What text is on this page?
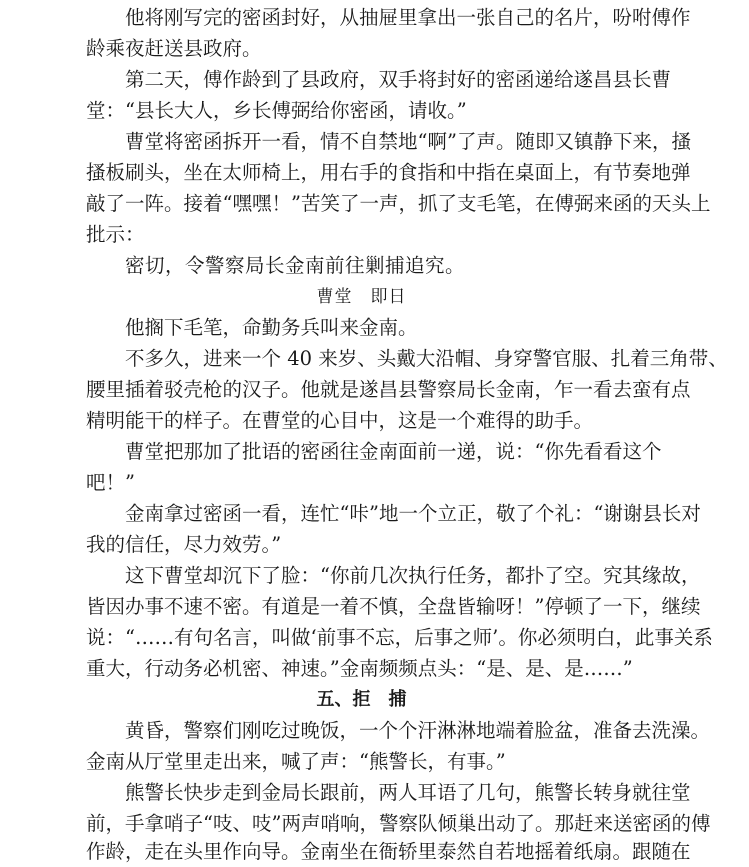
他将刚写完的密函封好，从抽屉里拿出一张自己的名片，吩咐傅作
龄乘夜赶送县政府。
第二天，傅作龄到了县政府，双手将封好的密函递给遂昌县长曹
堂：“县长大人，乡长傅弼给你密函，请收。”
曹堂将密函拆开一看，情不自禁地“啊”了声。随即又镇静下来，搔
搔板刷头，坐在太师椅上，用右手的食指和中指在桌面上，有节奏地弹
敲了一阵。接着“嘿嘿！”苦笑了一声，抓了支毛笔，在傅弼来函的天头上
批示：
密切，令警察局长金南前往剿捕追究。
曹堂　即日
他搁下毛笔，命勤务兵叫来金南。
不多久，进来一个 40 来岁、头戴大沿帽、身穿警官服、扎着三角带、
腰里插着驳壳枪的汉子。他就是遂昌县警察局长金南，乍一看去蛮有点
精明能干的样子。在曹堂的心目中，这是一个难得的助手。
曹堂把那加了批语的密函往金南面前一递，说：“你先看看这个
吧！”
金南拿过密函一看，连忙“咔”地一个立正，敬了个礼：“谢谢县长对
我的信任，尽力效劳。”
这下曹堂却沉下了脸：“你前几次执行任务，都扑了空。究其缘故，
皆因办事不速不密。有道是一着不慎，全盘皆输呀！”停顿了一下，继续
说：“……有句名言，叫做‘前事不忘，后事之师’。你必须明白，此事关系
重大，行动务必机密、神速。”金南频频点头：“是、是、是……”
五、拒　捕
黄昏，警察们刚吃过晚饭，一个个汗淋淋地端着脸盆，准备去洗澡。
金南从厅堂里走出来，喊了声：“熊警长，有事。”
熊警长快步走到金局长跟前，两人耳语了几句，熊警长转身就往堂
前，手拿哨子“吱、吱”两声哨响，警察队倾巢出动了。那赶来送密函的傅
作龄，走在头里作向导。金南坐在衙轿里泰然自若地摇着纸扇。跟随在
